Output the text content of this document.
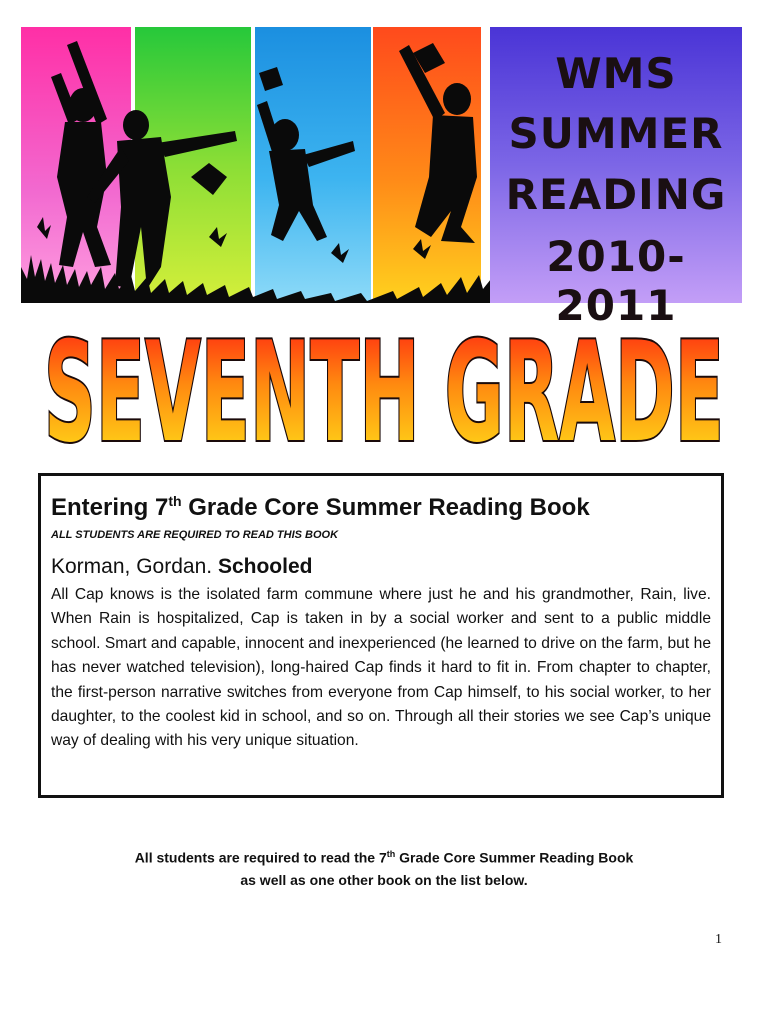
WMS
SUMMER
READING
2010-2011
SEVENTH GRADE
Entering 7th Grade Core Summer Reading Book
ALL STUDENTS ARE REQUIRED TO READ THIS BOOK
Korman, Gordan. Schooled

All Cap knows is the isolated farm commune where just he and his grandmother, Rain, live. When Rain is hospitalized, Cap is taken in by a social worker and sent to a public middle school. Smart and capable, innocent and inexperienced (he learned to drive on the farm, but he has never watched television), long-haired Cap finds it hard to fit in. From chapter to chapter, the first-person narrative switches from everyone from Cap himself, to his social worker, to her daughter, to the coolest kid in school, and so on. Through all their stories we see Cap’s unique way of dealing with his very unique situation.

All students are required to read the 7th Grade Core Summer Reading Book
as well as one other book on the list below.
1
